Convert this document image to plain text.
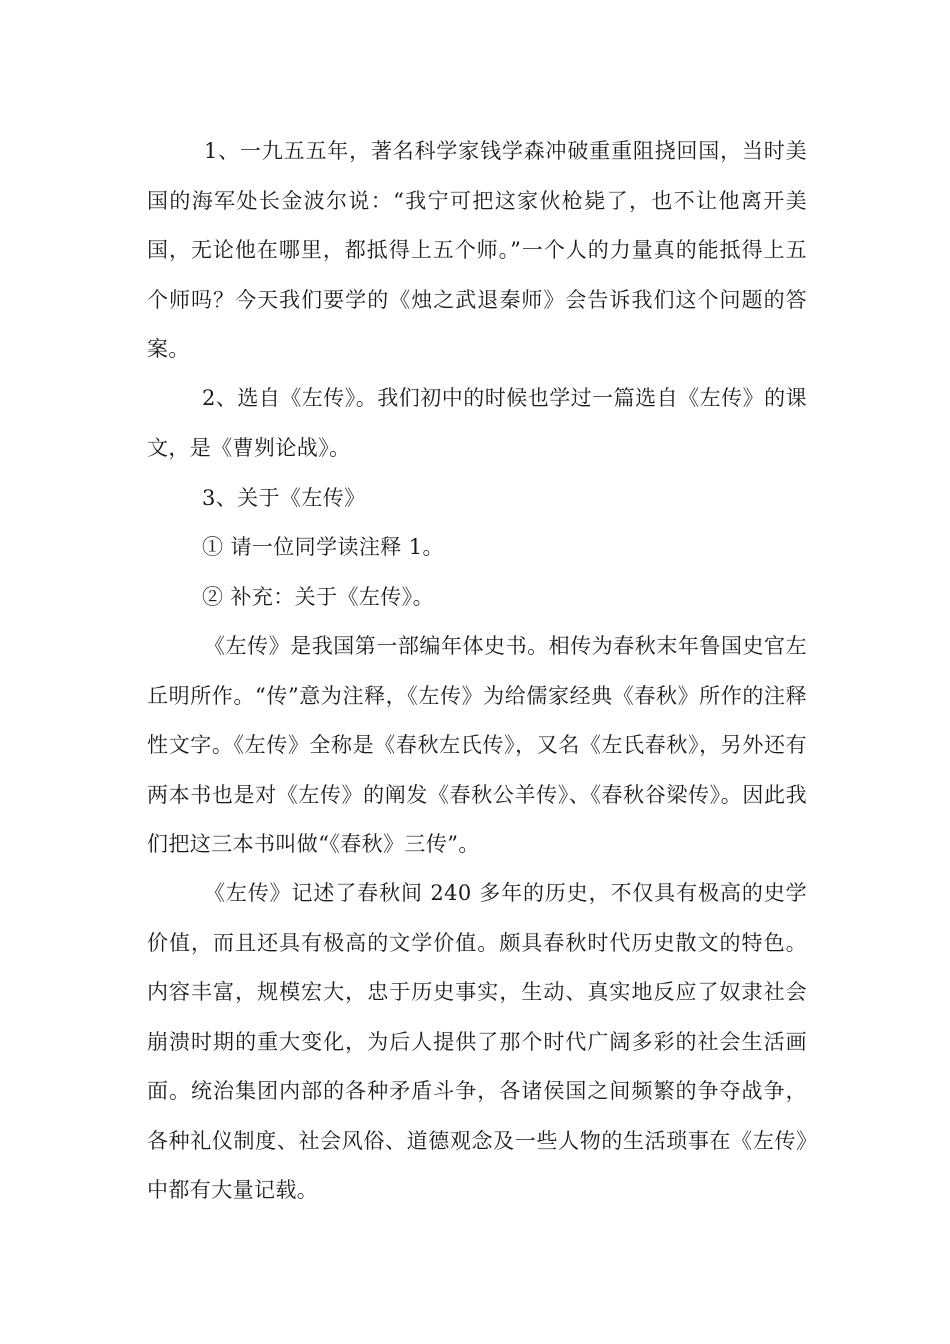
1、一九五五年，著名科学家钱学森冲破重重阻挠回国，当时美国的海军处长金波尔说：“我宁可把这家伙枪毙了，也不让他离开美国，无论他在哪里，都抵得上五个师。”一个人的力量真的能抵得上五个师吗？今天我们要学的《烛之武退秦师》会告诉我们这个问题的答案。

2、选自《左传》。我们初中的时候也学过一篇选自《左传》的课文，是《曹刿论战》。

3、关于《左传》

① 请一位同学读注释 1。

② 补充：关于《左传》。

《左传》是我国第一部编年体史书。相传为春秋末年鲁国史官左丘明所作。“传”意为注释，《左传》为给儒家经典《春秋》所作的注释性文字。《左传》全称是《春秋左氏传》，又名《左氏春秋》，另外还有两本书也是对《左传》的阐发《春秋公羊传》、《春秋谷梁传》。因此我们把这三本书叫做“《春秋》三传”。

《左传》记述了春秋间 240 多年的历史，不仅具有极高的史学价值，而且还具有极高的文学价值。颇具春秋时代历史散文的特色。内容丰富，规模宏大，忠于历史事实，生动、真实地反应了奴隶社会崩溃时期的重大变化，为后人提供了那个时代广阔多彩的社会生活画面。统治集团内部的各种矛盾斗争，各诸侯国之间频繁的争夺战争，各种礼仪制度、社会风俗、道德观念及一些人物的生活琐事在《左传》中都有大量记载。
